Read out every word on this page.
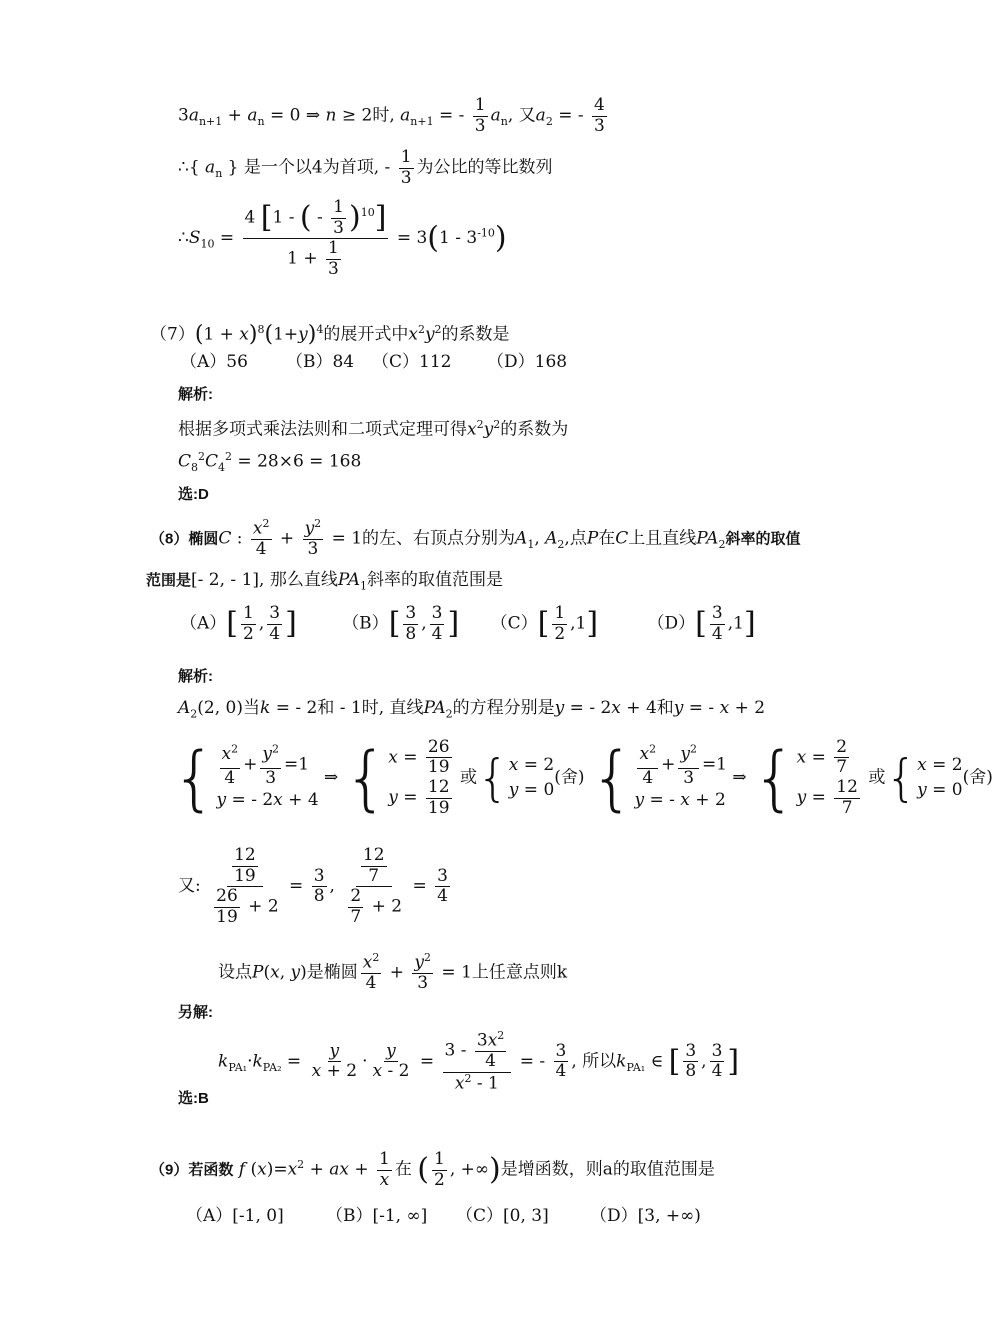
$3a_{n+1} + a_n = 0$ ⇒ n ≥ 2时, $a_{n+1}$ = - $\frac{1}{3} a_n$, 又$a_2$ = - $\frac{4}{3}$
∴{ $a_n$ } 是一个以4为首项, - $\frac{1}{3}$ 为公比的等比数列
$\therefore S_{10} = \frac{4 [1 - ( - \frac{1}{3} )^{10}]}{1 + \frac{1}{3}} = 3(1 - 3^{-10})$
$(7)(1 + x)^8(1+y)^4$的展开式中$x^2y^2$的系数是
（A）56 （B）84 （C）112 （D）168
解析:
根据多项式乘法法则和二项式定理可得$x^2y^2$的系数为
$C_8^2C_4^2 = 28\times 6 = 168$
选:D
（8）椭圆C : $\frac{x^2}{4} + \frac{y^2}{3} = 1$的左、右顶点分别为$A_1$, $A_2$,点P在C上且直线$PA_2$斜率的取值
范围是[- 2, - 1], 那么直线$PA_1$斜率的取值范围是
$(A)[ \frac{1}{2}$ , $\frac{3}{4}$ ]	$(B)[ \frac{3}{8}$ , $\frac{3}{4}$ ] $(C)[ \frac{1}{2} ,1]$	$(D)[ \frac{3}{4} ,1]$
解析:
$A_2(2$, 0)当k = - 2和 - 1时, 直线$PA_2$的方程分别是y = - 2x + 4和y = - x + 2
{ $\frac{x^2}{4} + \frac{y^2}{3} =1$
y = - 2x + 4
⇒ { $x = \frac{26}{19}$
$y = \frac{12}{19}$
或{ x = 2
y = 0
(舍) { $\frac{x^2}{4} + \frac{y^2}{3} =1$
y = - x + 2
⇒ { $x = \frac{2}{7}$
$y = \frac{12}{7}$
或{ x = 2
y = 0
(舍)
又: $\frac{\frac{12}{19}}{\frac{26}{19} + 2} = \frac{3}{8}$ , $\frac{\frac{12}{7}}{\frac{2}{7} + 2} = \frac{3}{4}$
设点P(x, y)是椭圆 $\frac{x^2}{4} + \frac{y^2}{3} = 1$上任意点则k
另解:
$k_{PA_1}\cdot k_{PA_2} = \frac{y}{x + 2} \cdot \frac{y}{x - 2} = \frac{3 - \frac{3x^2}{4}}{x^2 - 1}$ = - $\frac{3}{4}$ , 所以$k_{PA_1}$ ∈ [ $\frac{3}{8}$ , $\frac{3}{4}$ ]
选:B
（9）若函数 f $(x)=x^2$ + ax + $\frac{1}{x}$ 在 ( $\frac{1}{2}$ , +∞)是增函数，则a的取值范围是
（A）[-1, 0] （B）[-1, ∞] （C）[0, 3] （D）[3, +∞)
